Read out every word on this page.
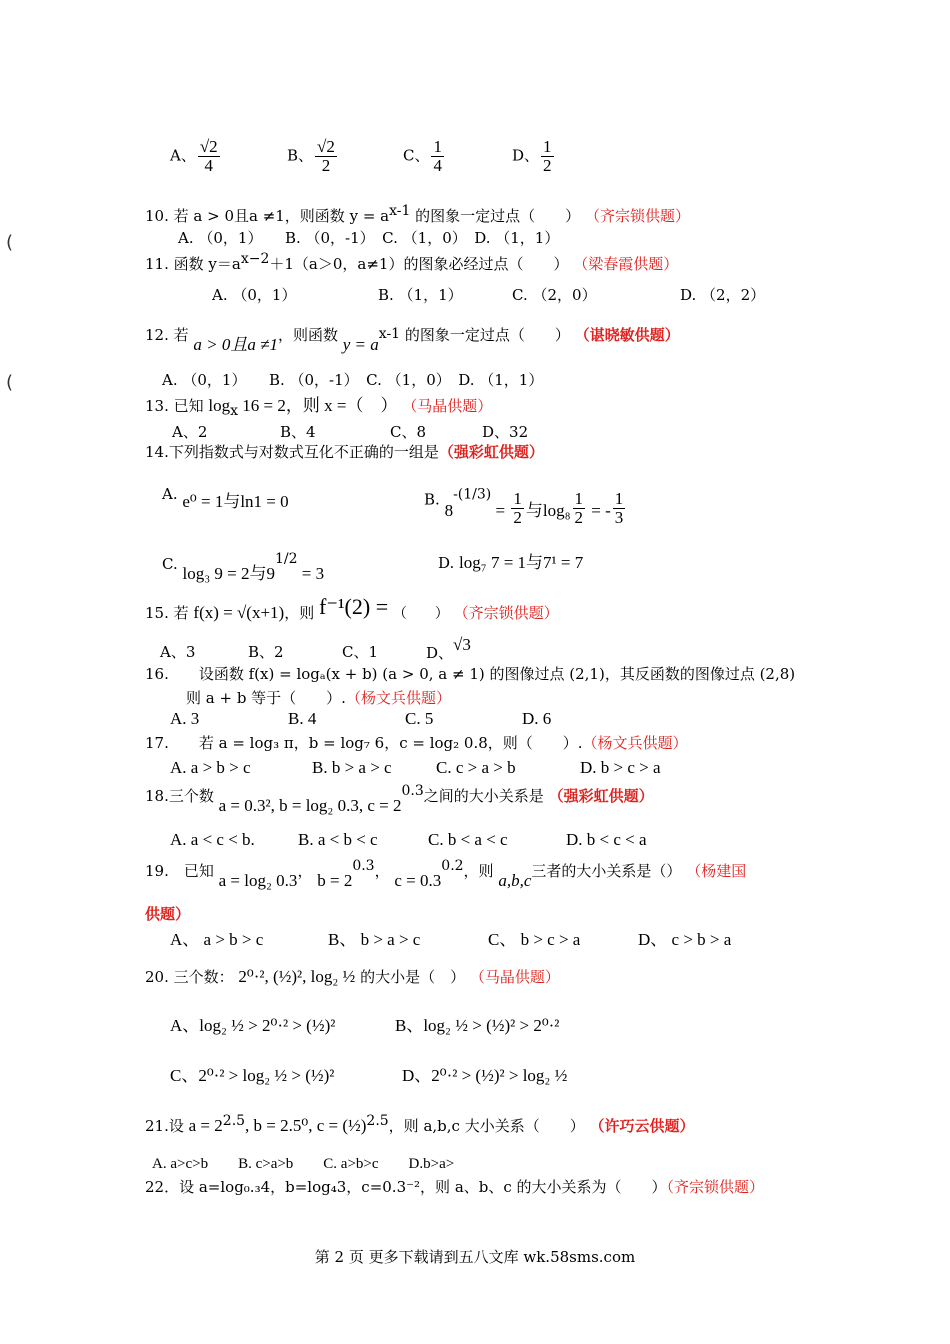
(
(
A、 $\frac{√2}{4}$	B、 $\frac{√2}{2}$	C、 $\frac{1}{4}$	D、 $\frac{1}{2}$
10. 若 a > 0且a ≠1，则函数 $y = a^{x-1}$ 的图象一定过点（　　） （齐宗锁供题）
A. （0，1）　　B. （0，-1）　C. （1，0）　D. （1，1）
11. 函数 $y=a^{x-2}+1(a>0$，a≠1）的图象必经过点（　　） （梁春霞供题）
A. （0，1）	B. （1，1）	C. （2，0）	D. （2，2）
12. 若 a > 0且a ≠1，则函数 $y = a^{x-1}$ 的图象一定过点（　　） （谌晓敏供题）
A. （0，1）　　B. （0，-1）　C. （1，0）　D. （1，1）
13. 已知 $\log_x 16 = 2$，则 x =（　） （马晶供题）
A、2	B、4	C、8	D、32
14.下列指数式与对数式互化不正确的一组是（强彩虹供题）
A. e⁰ = 1与ln1 = 0	B. $8^{-(1/3)} = \frac{1}{2}$ 与$\log_8 \frac{1}{2}$ = - $\frac{1}{3}$
C. log₃ 9 = 2与$9^{1/2} = 3$
D. log₇ 7 = 1与7¹ = 7
15. 若 f(x) = √(x+1)，则 f⁻¹(2) = （　　） （齐宗锁供题）
A、3	B、2	C、1	D、√3
16.　　设函数 f(x) = logₐ(x + b) (a > 0, a ≠ 1) 的图像过点 (2,1)，其反函数的图像过点 (2,8)
则 a + b 等于（　　）.（杨文兵供题）
A. 3	B. 4	C. 5	D. 6
17.　　若 a = log₃ π，b = log₇ 6，c = log₂ 0.8，则（　　）.（杨文兵供题）
A. a > b > c	B. b > a > c	C. c > a > b	D. b > c > a
18.三个数 a = 0.3², b = log₂ 0.3, $c = 2^{0.3}$之间的大小关系是 （强彩虹供题）
A. a < c < b.	B. a < b < c	C. b < a < c	D. b < c < a
19.　已知 a = log₂ 0.3， $b = 2^{0.3}$， $c = 0.3^{0.2}$，则 a,b,c三者的大小关系是（） （杨建国
供题）
A、 a > b > c	B、 b > a > c	C、 b > c > a	D、 c > b > a
20. 三个数： 2⁰·², (½)², log₂ ½ 的大小是（　） （马晶供题）
A、log₂ ½ > 2⁰·² > (½)²	B、log₂ ½ > (½)² > 2⁰·²
C、2⁰·² > log₂ ½ > (½)²	D、2⁰·² > (½)² > log₂ ½
21.设 $a = 2^{2.5}$, b = 2.5⁰, c = (½)$^{2.5}$，则 a,b,c 大小关系（　　） （许巧云供题）
A. a>c>b　　B. c>a>b　　C. a>b>c　　D.b>a>
22．设 a=log₀.₃4，b=log₄3，c=0.3⁻²，则 a、b、c 的大小关系为（　　）（齐宗锁供题）
第 2 页 更多下载请到五八文库 wk.58sms.com
